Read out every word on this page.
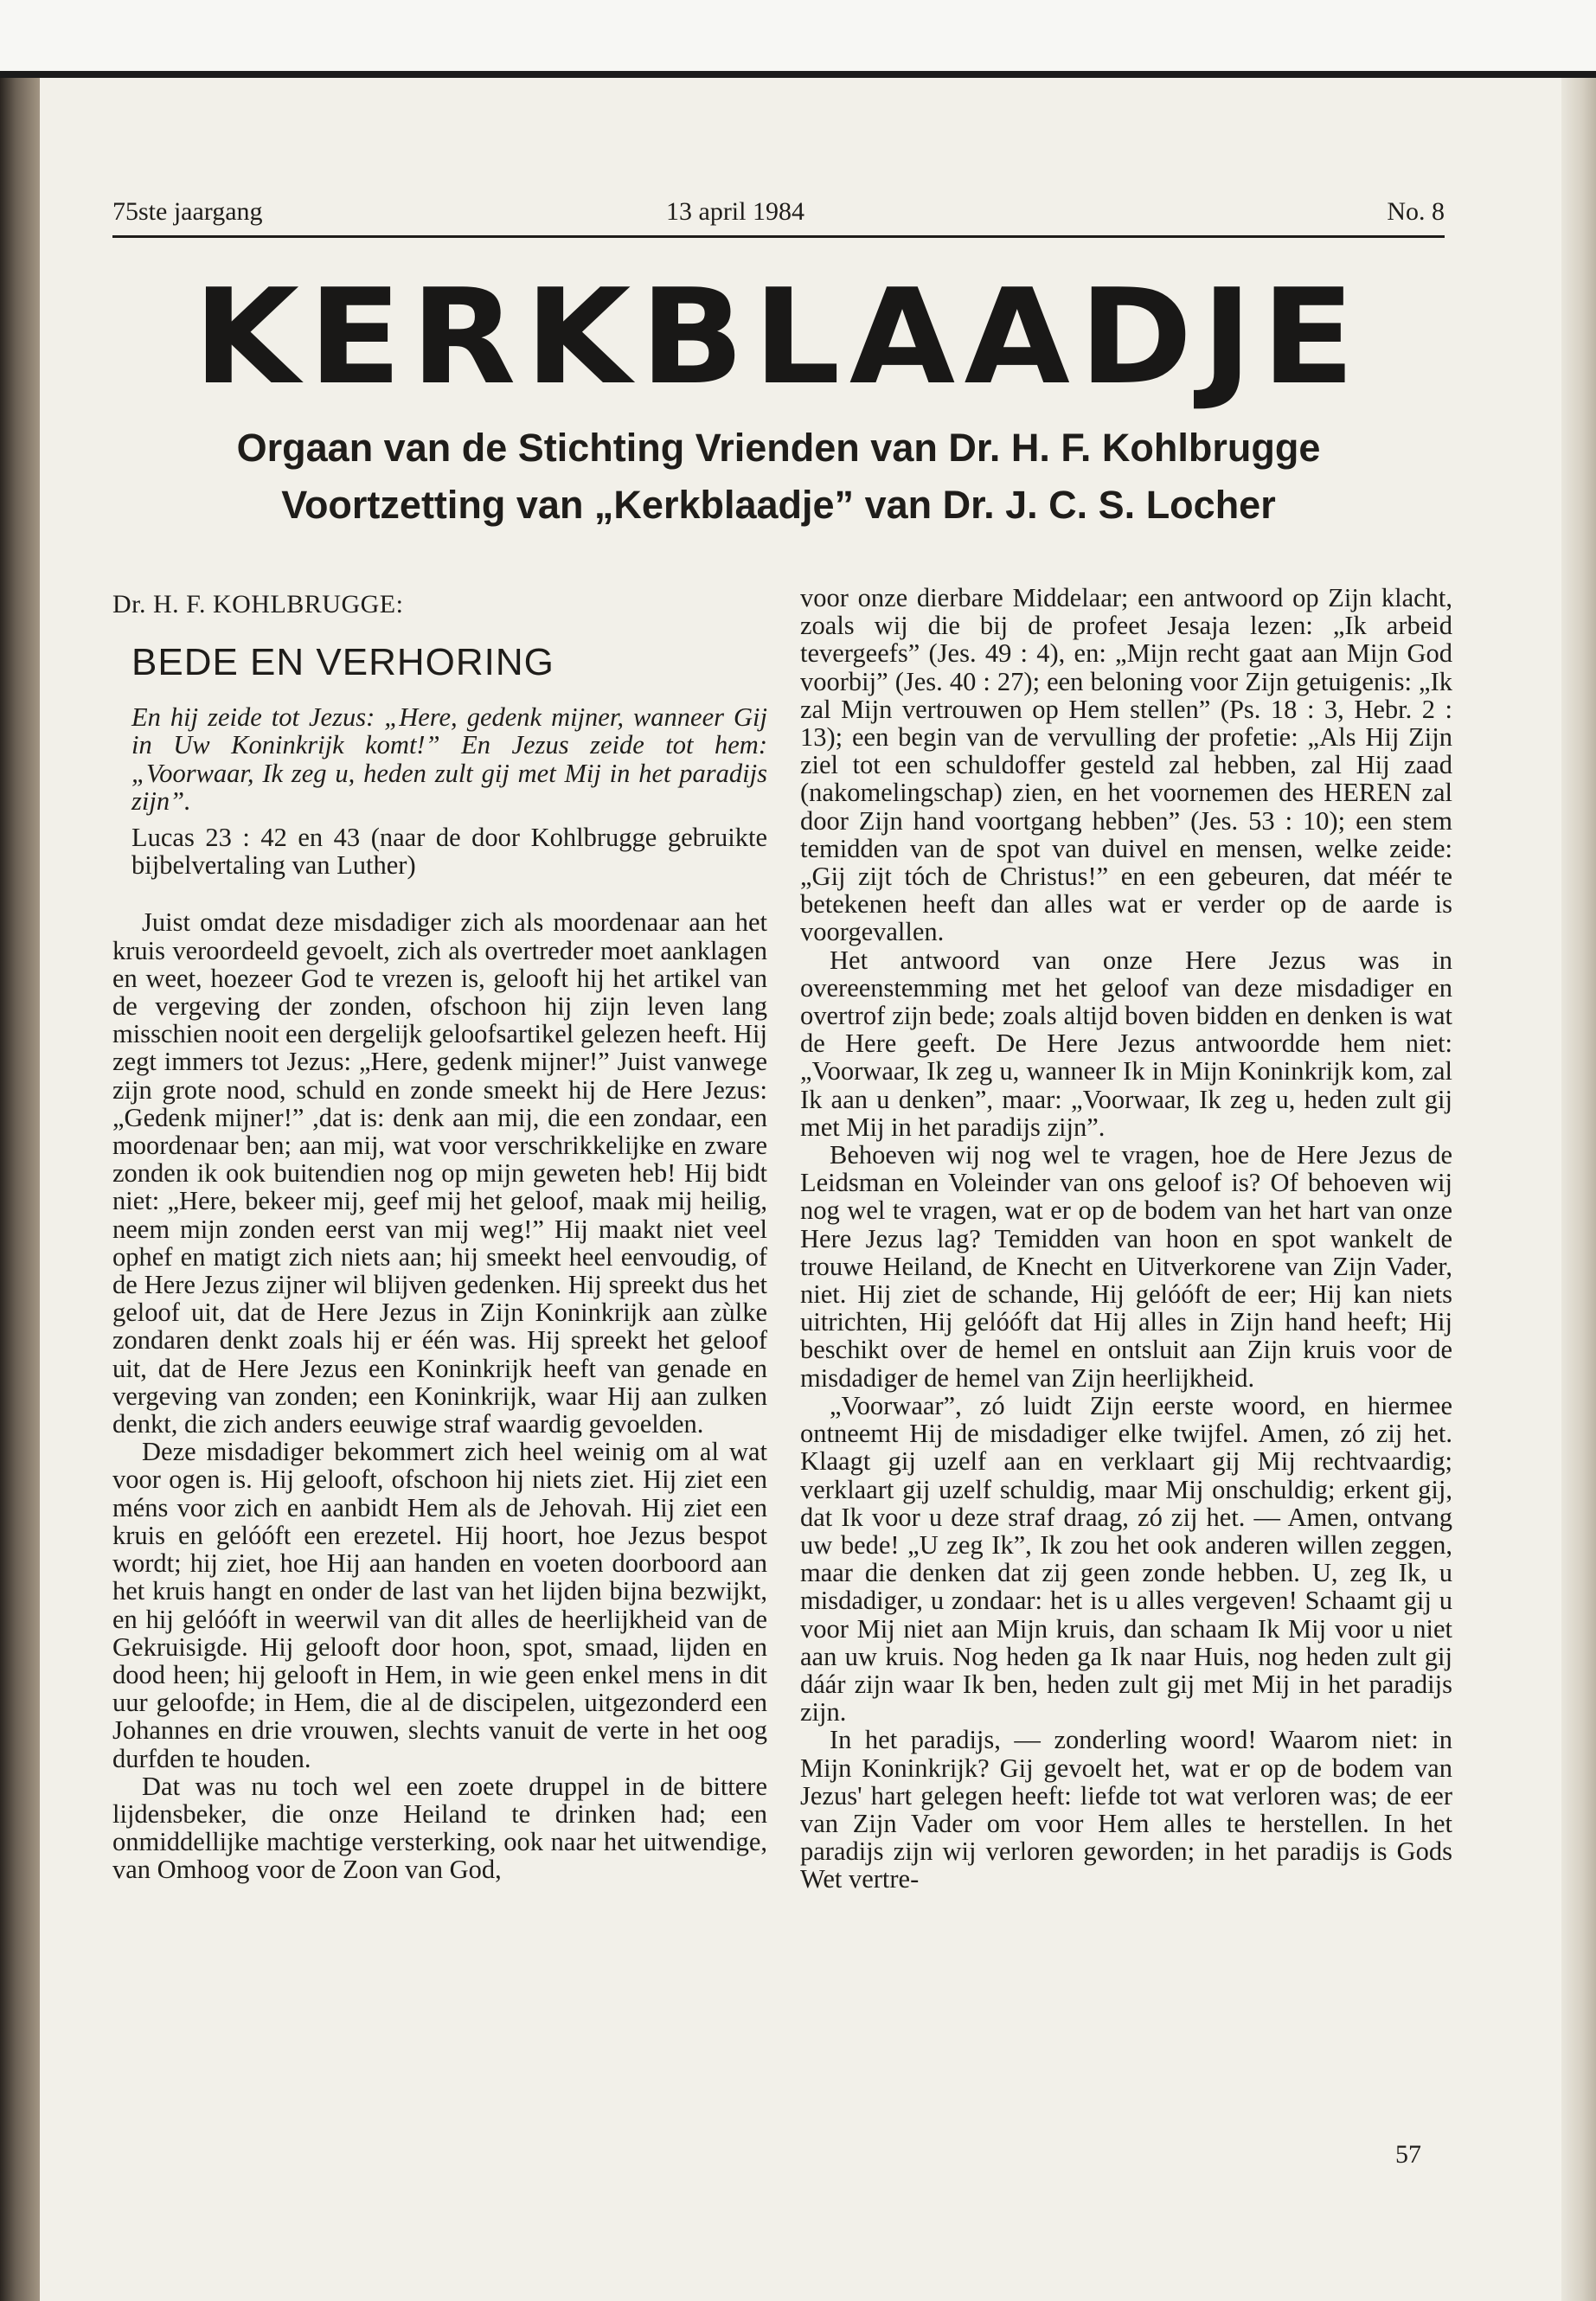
75ste jaargang	13 april 1984	No. 8
KERKBLAADJE
Orgaan van de Stichting Vrienden van Dr. H. F. Kohlbrugge
Voortzetting van „Kerkblaadje” van Dr. J. C. S. Locher
Dr. H. F. KOHLBRUGGE:
BEDE EN VERHORING
En hij zeide tot Jezus: „Here, gedenk mijner, wanneer Gij in Uw Koninkrijk komt!” En Jezus zeide tot hem: „Voorwaar, Ik zeg u, heden zult gij met Mij in het paradijs zijn”.
Lucas 23 : 42 en 43 (naar de door Kohlbrugge gebruikte bijbelvertaling van Luther)

Juist omdat deze misdadiger zich als moordenaar aan het kruis veroordeeld gevoelt, zich als overtreder moet aanklagen en weet, hoezeer God te vrezen is, gelooft hij het artikel van de vergeving der zonden, ofschoon hij zijn leven lang misschien nooit een dergelijk geloofsartikel gelezen heeft. Hij zegt immers tot Jezus: „Here, gedenk mijner!” Juist vanwege zijn grote nood, schuld en zonde smeekt hij de Here Jezus: „Gedenk mijner!” ,dat is: denk aan mij, die een zondaar, een moordenaar ben; aan mij, wat voor verschrikkelijke en zware zonden ik ook buitendien nog op mijn geweten heb! Hij bidt niet: „Here, bekeer mij, geef mij het geloof, maak mij heilig, neem mijn zonden eerst van mij weg!” Hij maakt niet veel ophef en matigt zich niets aan; hij smeekt heel eenvoudig, of de Here Jezus zijner wil blijven gedenken. Hij spreekt dus het geloof uit, dat de Here Jezus in Zijn Koninkrijk aan zùlke zondaren denkt zoals hij er één was. Hij spreekt het geloof uit, dat de Here Jezus een Koninkrijk heeft van genade en vergeving van zonden; een Koninkrijk, waar Hij aan zulken denkt, die zich anders eeuwige straf waardig gevoelden.

Deze misdadiger bekommert zich heel weinig om al wat voor ogen is. Hij gelooft, ofschoon hij niets ziet. Hij ziet een méns voor zich en aanbidt Hem als de Jehovah. Hij ziet een kruis en gelóóft een erezetel. Hij hoort, hoe Jezus bespot wordt; hij ziet, hoe Hij aan handen en voeten doorboord aan het kruis hangt en onder de last van het lijden bijna bezwijkt, en hij gelóóft in weerwil van dit alles de heerlijkheid van de Gekruisigde. Hij gelooft door hoon, spot, smaad, lijden en dood heen; hij gelooft in Hem, in wie geen enkel mens in dit uur geloofde; in Hem, die al de discipelen, uitgezonderd een Johannes en drie vrouwen, slechts vanuit de verte in het oog durfden te houden.

Dat was nu toch wel een zoete druppel in de bittere lijdensbeker, die onze Heiland te drinken had; een onmiddellijke machtige versterking, ook naar het uitwendige, van Omhoog voor de Zoon van God,

voor onze dierbare Middelaar; een antwoord op Zijn klacht, zoals wij die bij de profeet Jesaja lezen: „Ik arbeid tevergeefs” (Jes. 49 : 4), en: „Mijn recht gaat aan Mijn God voorbij” (Jes. 40 : 27); een beloning voor Zijn getuigenis: „Ik zal Mijn vertrouwen op Hem stellen” (Ps. 18 : 3, Hebr. 2 : 13); een begin van de vervulling der profetie: „Als Hij Zijn ziel tot een schuldoffer gesteld zal hebben, zal Hij zaad (nakomelingschap) zien, en het voornemen des HEREN zal door Zijn hand voortgang hebben” (Jes. 53 : 10); een stem temidden van de spot van duivel en mensen, welke zeide: „Gij zijt tóch de Christus!” en een gebeuren, dat méér te betekenen heeft dan alles wat er verder op de aarde is voorgevallen.

Het antwoord van onze Here Jezus was in overeenstemming met het geloof van deze misdadiger en overtrof zijn bede; zoals altijd boven bidden en denken is wat de Here geeft. De Here Jezus antwoordde hem niet: „Voorwaar, Ik zeg u, wanneer Ik in Mijn Koninkrijk kom, zal Ik aan u denken”, maar: „Voorwaar, Ik zeg u, heden zult gij met Mij in het paradijs zijn”.

Behoeven wij nog wel te vragen, hoe de Here Jezus de Leidsman en Voleinder van ons geloof is? Of behoeven wij nog wel te vragen, wat er op de bodem van het hart van onze Here Jezus lag? Temidden van hoon en spot wankelt de trouwe Heiland, de Knecht en Uitverkorene van Zijn Vader, niet. Hij ziet de schande, Hij gelóóft de eer; Hij kan niets uitrichten, Hij gelóóft dat Hij alles in Zijn hand heeft; Hij beschikt over de hemel en ontsluit aan Zijn kruis voor de misdadiger de hemel van Zijn heerlijkheid.

„Voorwaar”, zó luidt Zijn eerste woord, en hiermee ontneemt Hij de misdadiger elke twijfel. Amen, zó zij het. Klaagt gij uzelf aan en verklaart gij Mij rechtvaardig; verklaart gij uzelf schuldig, maar Mij onschuldig; erkent gij, dat Ik voor u deze straf draag, zó zij het. — Amen, ontvang uw bede! „U zeg Ik”, Ik zou het ook anderen willen zeggen, maar die denken dat zij geen zonde hebben. U, zeg Ik, u misdadiger, u zondaar: het is u alles vergeven! Schaamt gij u voor Mij niet aan Mijn kruis, dan schaam Ik Mij voor u niet aan uw kruis. Nog heden ga Ik naar Huis, nog heden zult gij dáár zijn waar Ik ben, heden zult gij met Mij in het paradijs zijn.

In het paradijs, — zonderling woord! Waarom niet: in Mijn Koninkrijk? Gij gevoelt het, wat er op de bodem van Jezus' hart gelegen heeft: liefde tot wat verloren was; de eer van Zijn Vader om voor Hem alles te herstellen. In het paradijs zijn wij verloren geworden; in het paradijs is Gods Wet vertre-

57
